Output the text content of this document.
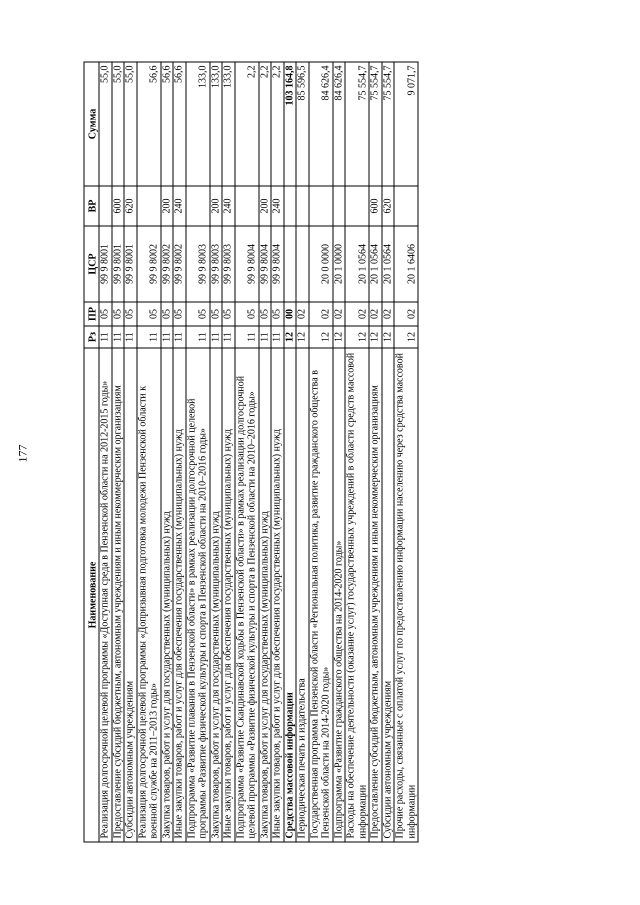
177
Наименование	Рз	ПР	ЦСР	ВР	Сумма
Реализация долгосрочной целевой программы «Доступная среда в Пензенской области на 2012-2015 годы»	11	05	99 9 8001		55,0
Предоставление субсидий бюджетным, автономным учреждениям и иным некоммерческим организациям	11	05	99 9 8001	600	55,0
Субсидии автономным учреждениям	11	05	99 9 8001	620	55,0
Реализация долгосрочной целевой программы «Допризывная подготовка молодежи Пензенской области к военной службе на 2011–2013 годы»	11	05	99 9 8002		56,6
Закупка товаров, работ и услуг для государственных (муниципальных) нужд	11	05	99 9 8002	200	56,6
Иные закупки товаров, работ и услуг для обеспечения государственных (муниципальных) нужд	11	05	99 9 8002	240	56,6
Подпрограмма «Развитие плавания в Пензенской области» в рамках реализации долгосрочной целевой программы «Развитие физической культуры и спорта в Пензенской области на 2010–2016 годы»	11	05	99 9 8003		133,0
Закупка товаров, работ и услуг для государственных (муниципальных) нужд	11	05	99 9 8003	200	133,0
Иные закупки товаров, работ и услуг для обеспечения государственных (муниципальных) нужд	11	05	99 9 8003	240	133,0
Подпрограмма «Развитие Скандинавской ходьбы в Пензенской области» в рамках реализации долгосрочной целевой программы «Развитие физической культуры и спорта в Пензенской области на 2010–2016 годы»	11	05	99 9 8004		2,2
Закупка товаров, работ и услуг для государственных (муниципальных) нужд	11	05	99 9 8004	200	2,2
Иные закупки товаров, работ и услуг для обеспечения государственных (муниципальных) нужд	11	05	99 9 8004	240	2,2
Средства массовой информации	12	00			103 164,8
Периодическая печать и издательства	12	02			85 596,5
Государственная программа Пензенской области «Региональная политика, развитие гражданского общества в Пензенской области на 2014-2020 годы»	12	02	20 0 0000		84 626,4
Подпрограмма «Развитие гражданского общества на 2014-2020 годы»	12	02	20 1 0000		84 626,4
Расходы на обеспечение деятельности (оказание услуг) государственных учреждений в области средств массовой информации	12	02	20 1 0564		75 554,7
Предоставление субсидий бюджетным, автономным учреждениям и иным некоммерческим организациям	12	02	20 1 0564	600	75 554,7
Субсидии автономным учреждениям	12	02	20 1 0564	620	75 554,7
Прочие расходы, связанные с оплатой услуг по предоставлению информации населению через средства массовой информации	12	02	20 1 6406		9 071,7
